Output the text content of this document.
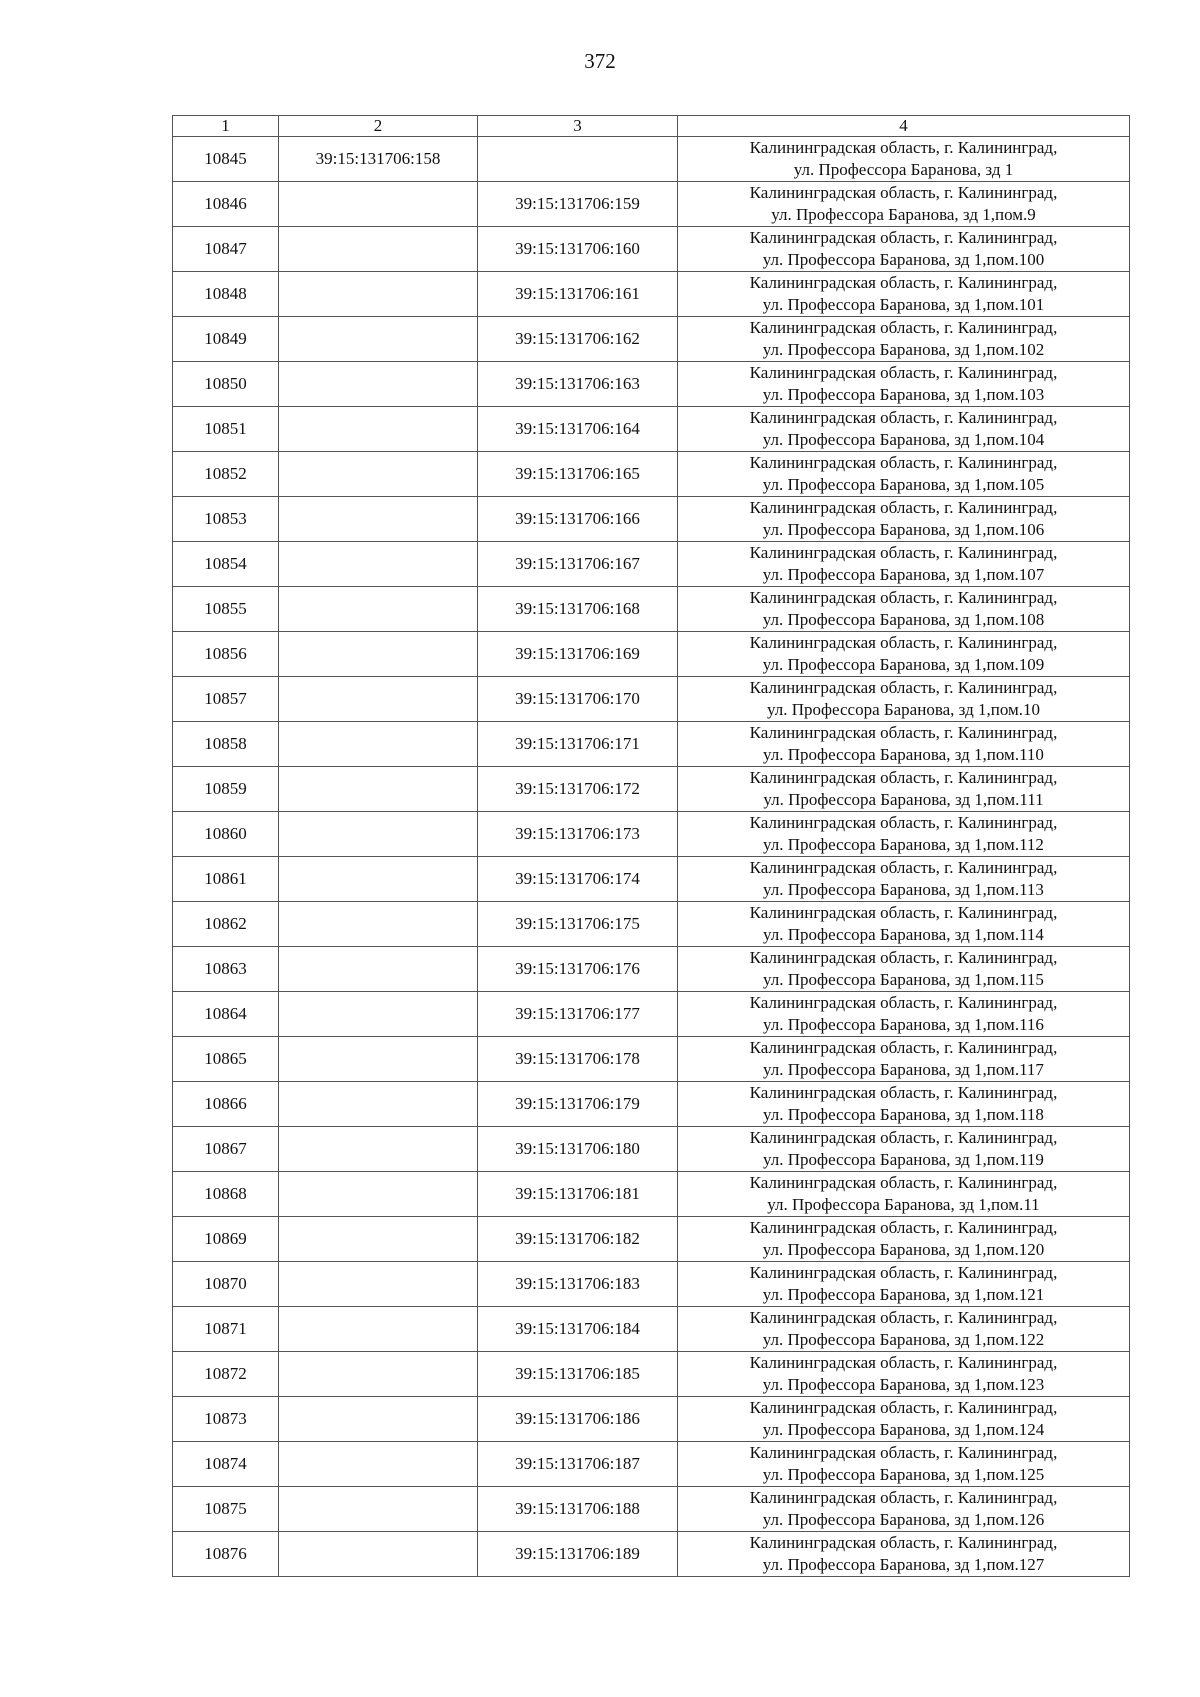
372
1	2	3	4
10845	39:15:131706:158		Калининградская область, г. Калининград,
ул. Профессора Баранова, зд 1

10846		39:15:131706:159	Калининградская область, г. Калининград,
ул. Профессора Баранова, зд 1,пом.9

10847		39:15:131706:160	Калининградская область, г. Калининград,
ул. Профессора Баранова, зд 1,пом.100

10848		39:15:131706:161	Калининградская область, г. Калининград,
ул. Профессора Баранова, зд 1,пом.101

10849		39:15:131706:162	Калининградская область, г. Калининград,
ул. Профессора Баранова, зд 1,пом.102

10850		39:15:131706:163	Калининградская область, г. Калининград,
ул. Профессора Баранова, зд 1,пом.103

10851		39:15:131706:164	Калининградская область, г. Калининград,
ул. Профессора Баранова, зд 1,пом.104

10852		39:15:131706:165	Калининградская область, г. Калининград,
ул. Профессора Баранова, зд 1,пом.105

10853		39:15:131706:166	Калининградская область, г. Калининград,
ул. Профессора Баранова, зд 1,пом.106

10854		39:15:131706:167	Калининградская область, г. Калининград,
ул. Профессора Баранова, зд 1,пом.107

10855		39:15:131706:168	Калининградская область, г. Калининград,
ул. Профессора Баранова, зд 1,пом.108

10856		39:15:131706:169	Калининградская область, г. Калининград,
ул. Профессора Баранова, зд 1,пом.109

10857		39:15:131706:170	Калининградская область, г. Калининград,
ул. Профессора Баранова, зд 1,пом.10

10858		39:15:131706:171	Калининградская область, г. Калининград,
ул. Профессора Баранова, зд 1,пом.110

10859		39:15:131706:172	Калининградская область, г. Калининград,
ул. Профессора Баранова, зд 1,пом.111

10860		39:15:131706:173	Калининградская область, г. Калининград,
ул. Профессора Баранова, зд 1,пом.112

10861		39:15:131706:174	Калининградская область, г. Калининград,
ул. Профессора Баранова, зд 1,пом.113

10862		39:15:131706:175	Калининградская область, г. Калининград,
ул. Профессора Баранова, зд 1,пом.114

10863		39:15:131706:176	Калининградская область, г. Калининград,
ул. Профессора Баранова, зд 1,пом.115

10864		39:15:131706:177	Калининградская область, г. Калининград,
ул. Профессора Баранова, зд 1,пом.116

10865		39:15:131706:178	Калининградская область, г. Калининград,
ул. Профессора Баранова, зд 1,пом.117

10866		39:15:131706:179	Калининградская область, г. Калининград,
ул. Профессора Баранова, зд 1,пом.118

10867		39:15:131706:180	Калининградская область, г. Калининград,
ул. Профессора Баранова, зд 1,пом.119

10868		39:15:131706:181	Калининградская область, г. Калининград,
ул. Профессора Баранова, зд 1,пом.11

10869		39:15:131706:182	Калининградская область, г. Калининград,
ул. Профессора Баранова, зд 1,пом.120

10870		39:15:131706:183	Калининградская область, г. Калининград,
ул. Профессора Баранова, зд 1,пом.121

10871		39:15:131706:184	Калининградская область, г. Калининград,
ул. Профессора Баранова, зд 1,пом.122

10872		39:15:131706:185	Калининградская область, г. Калининград,
ул. Профессора Баранова, зд 1,пом.123

10873		39:15:131706:186	Калининградская область, г. Калининград,
ул. Профессора Баранова, зд 1,пом.124

10874		39:15:131706:187	Калининградская область, г. Калининград,
ул. Профессора Баранова, зд 1,пом.125

10875		39:15:131706:188	Калининградская область, г. Калининград,
ул. Профессора Баранова, зд 1,пом.126

10876		39:15:131706:189	Калининградская область, г. Калининград,
ул. Профессора Баранова, зд 1,пом.127
